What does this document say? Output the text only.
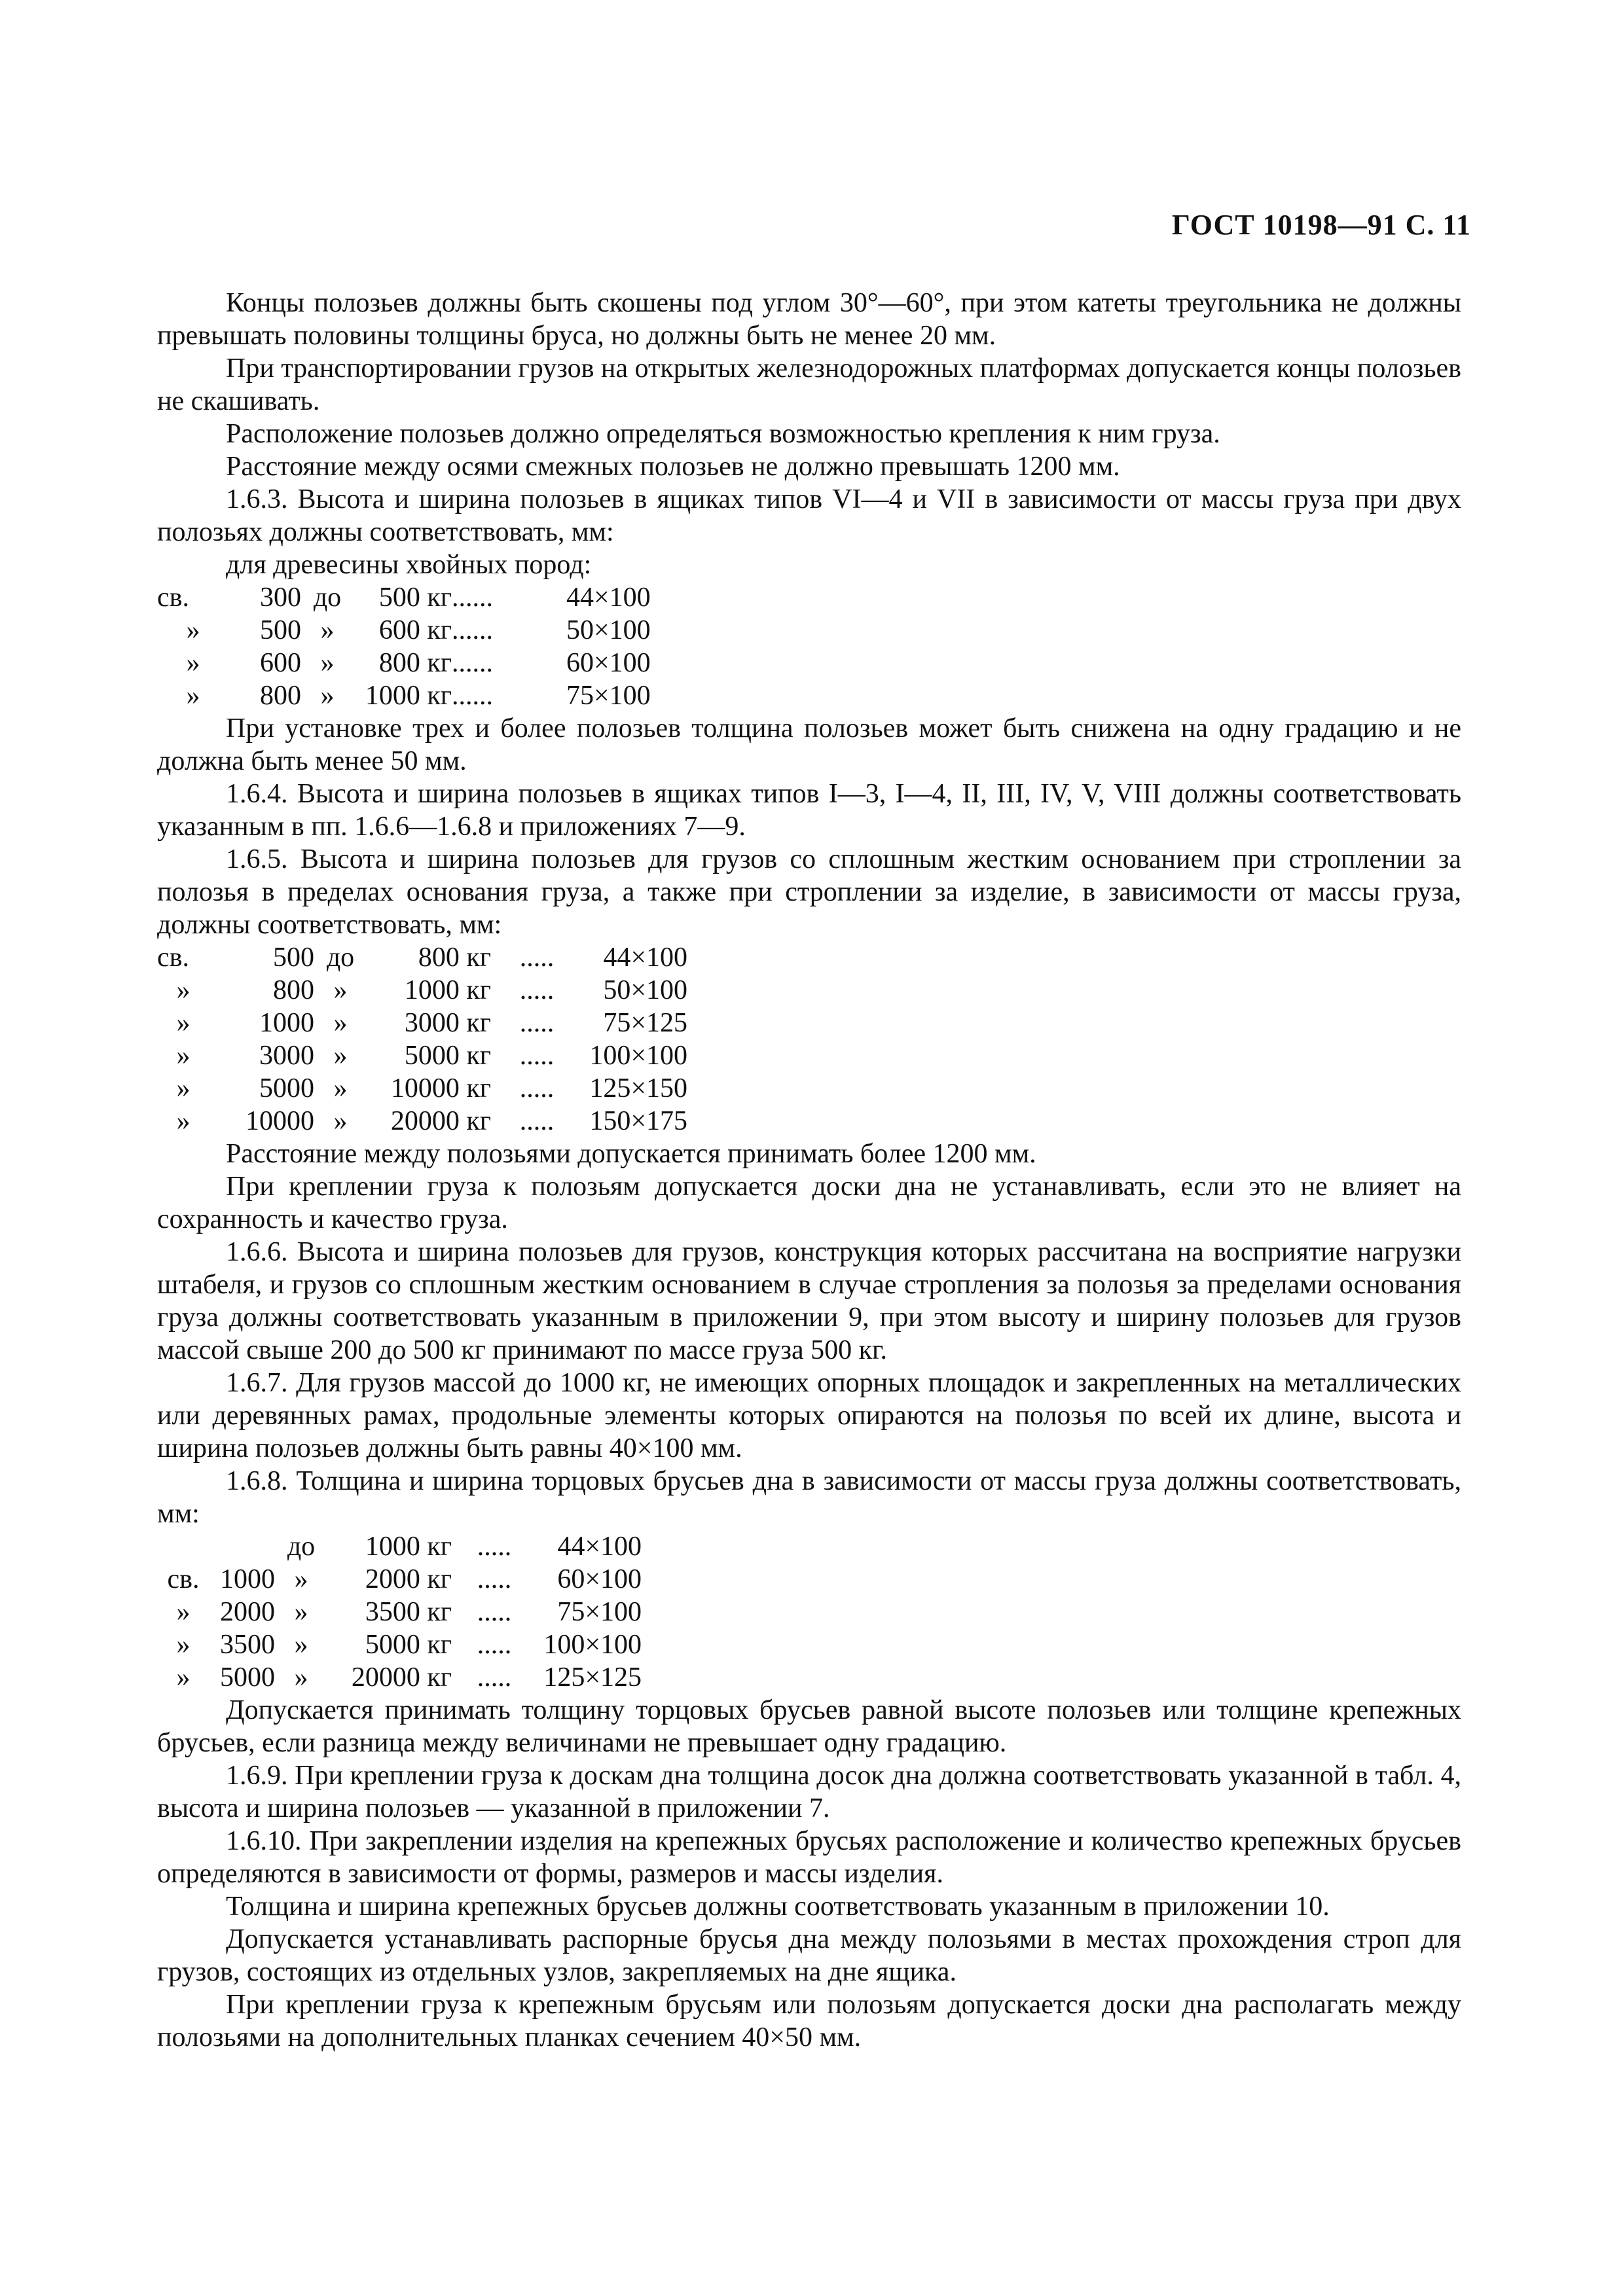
ГОСТ 10198—91 С. 11

Концы полозьев должны быть скошены под углом 30°—60°, при этом катеты треугольника не должны превышать половины толщины бруса, но должны быть не менее 20 мм.

При транспортировании грузов на открытых железнодорожных платформах допускается концы полозьев не скашивать.

Расположение полозьев должно определяться возможностью крепления к ним груза.

Расстояние между осями смежных полозьев не должно превышать 1200 мм.

1.6.3. Высота и ширина полозьев в ящиках типов VI—4 и VII в зависимости от массы груза при двух полозьях должны соответствовать, мм:

для древесины хвойных пород:

св.	300	до	500 кг	......	44×100
»	500	»	600 кг	......	50×100
»	600	»	800 кг	......	60×100
»	800	»	1000 кг	......	75×100

При установке трех и более полозьев толщина полозьев может быть снижена на одну градацию и не должна быть менее 50 мм.

1.6.4. Высота и ширина полозьев в ящиках типов I—3, I—4, II, III, IV, V, VIII должны соответствовать указанным в пп. 1.6.6—1.6.8 и приложениях 7—9.

1.6.5. Высота и ширина полозьев для грузов со сплошным жестким основанием при строплении за полозья в пределах основания груза, а также при строплении за изделие, в зависимости от массы груза, должны соответствовать, мм:

св.	500	до	800 кг	.....	44×100
»	800	»	1000 кг	.....	50×100
»	1000	»	3000 кг	.....	75×125
»	3000	»	5000 кг	.....	100×100
»	5000	»	10000 кг	.....	125×150
»	10000	»	20000 кг	.....	150×175

Расстояние между полозьями допускается принимать более 1200 мм.

При креплении груза к полозьям допускается доски дна не устанавливать, если это не влияет на сохранность и качество груза.

1.6.6. Высота и ширина полозьев для грузов, конструкция которых рассчитана на восприятие нагрузки штабеля, и грузов со сплошным жестким основанием в случае стропления за полозья за пределами основания груза должны соответствовать указанным в приложении 9, при этом высоту и ширину полозьев для грузов массой свыше 200 до 500 кг принимают по массе груза 500 кг.

1.6.7. Для грузов массой до 1000 кг, не имеющих опорных площадок и закрепленных на металлических или деревянных рамах, продольные элементы которых опираются на полозья по всей их длине, высота и ширина полозьев должны быть равны 40×100 мм.

1.6.8. Толщина и ширина торцовых брусьев дна в зависимости от массы груза должны соответствовать, мм:

		до	1000 кг	.....	44×100
св.	1000	»	2000 кг	.....	60×100
»	2000	»	3500 кг	.....	75×100
»	3500	»	5000 кг	.....	100×100
»	5000	»	20000 кг	.....	125×125

Допускается принимать толщину торцовых брусьев равной высоте полозьев или толщине крепежных брусьев, если разница между величинами не превышает одну градацию.

1.6.9. При креплении груза к доскам дна толщина досок дна должна соответствовать указанной в табл. 4, высота и ширина полозьев — указанной в приложении 7.

1.6.10. При закреплении изделия на крепежных брусьях расположение и количество крепежных брусьев определяются в зависимости от формы, размеров и массы изделия.

Толщина и ширина крепежных брусьев должны соответствовать указанным в приложении 10.

Допускается устанавливать распорные брусья дна между полозьями в местах прохождения строп для грузов, состоящих из отдельных узлов, закрепляемых на дне ящика.

При креплении груза к крепежным брусьям или полозьям допускается доски дна располагать между полозьями на дополнительных планках сечением 40×50 мм.
